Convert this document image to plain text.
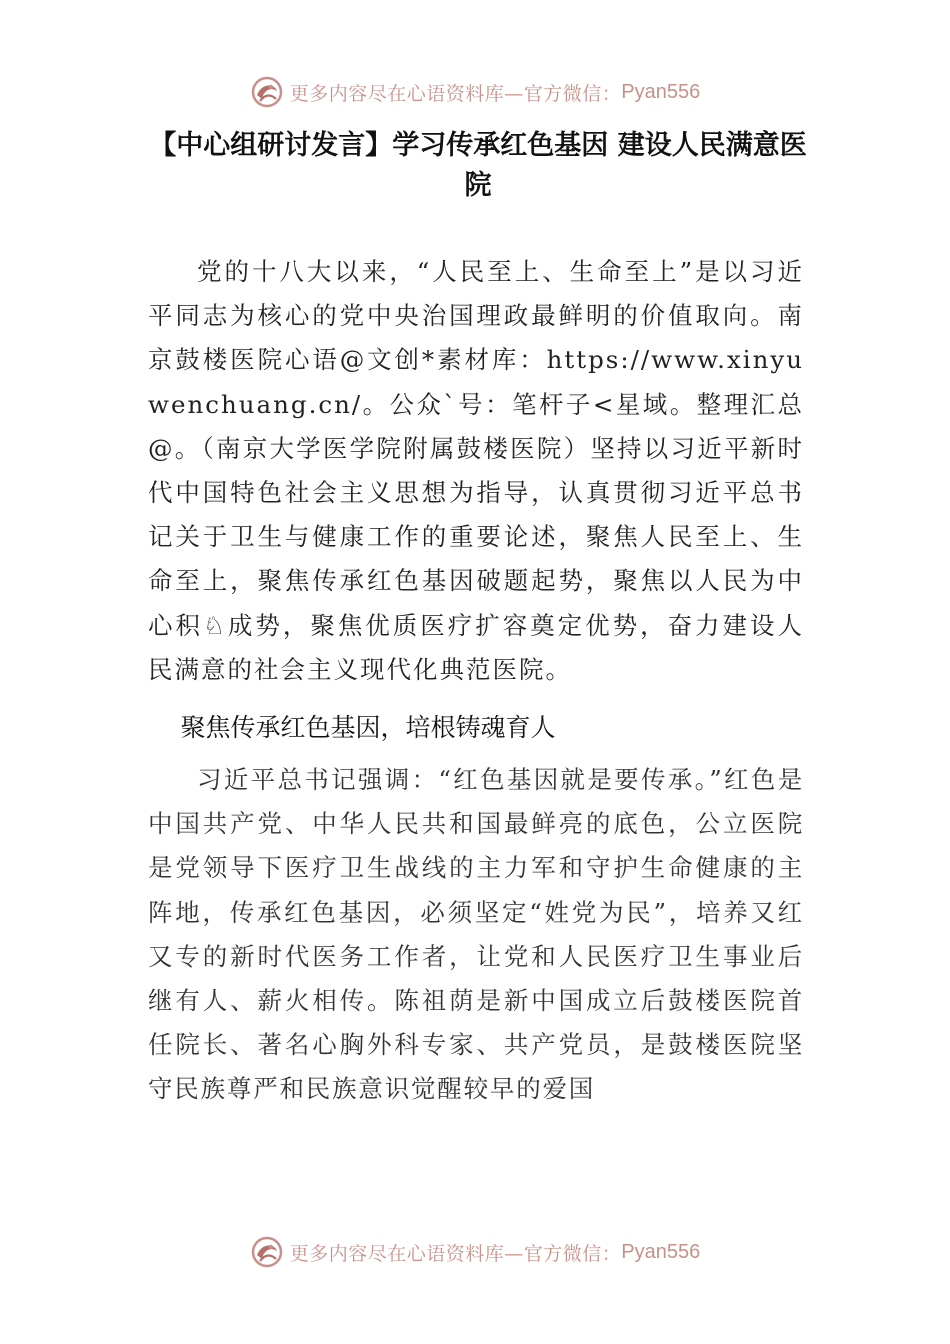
更多内容尽在心语资料库—官方微信： Pyan556
【中心组研讨发言】学习传承红色基因 建设人民满意医院

党的十八大以来，“人民至上、生命至上”是以习近平同志为核心的党中央治国理政最鲜明的价值取向。南京鼓楼医院心语@文创*素材库：https://www.xinyuwenchuang.cn/。公众`号：笔杆子<星域。整理汇总@。（南京大学医学院附属鼓楼医院）坚持以习近平新时代中国特色社会主义思想为指导，认真贯彻习近平总书记关于卫生与健康工作的重要论述，聚焦人民至上、生命至上，聚焦传承红色基因破题起势，聚焦以人民为中心积♘成势，聚焦优质医疗扩容奠定优势，奋力建设人民满意的社会主义现代化典范医院。

聚焦传承红色基因，培根铸魂育人

习近平总书记强调：“红色基因就是要传承。”红色是中国共产党、中华人民共和国最鲜亮的底色，公立医院是党领导下医疗卫生战线的主力军和守护生命健康的主阵地，传承红色基因，必须坚定“姓党为民”，培养又红又专的新时代医务工作者，让党和人民医疗卫生事业后继有人、薪火相传。陈祖荫是新中国成立后鼓楼医院首任院长、著名心胸外科专家、共产党员，是鼓楼医院坚守民族尊严和民族意识觉醒较早的爱国

更多内容尽在心语资料库—官方微信： Pyan556
